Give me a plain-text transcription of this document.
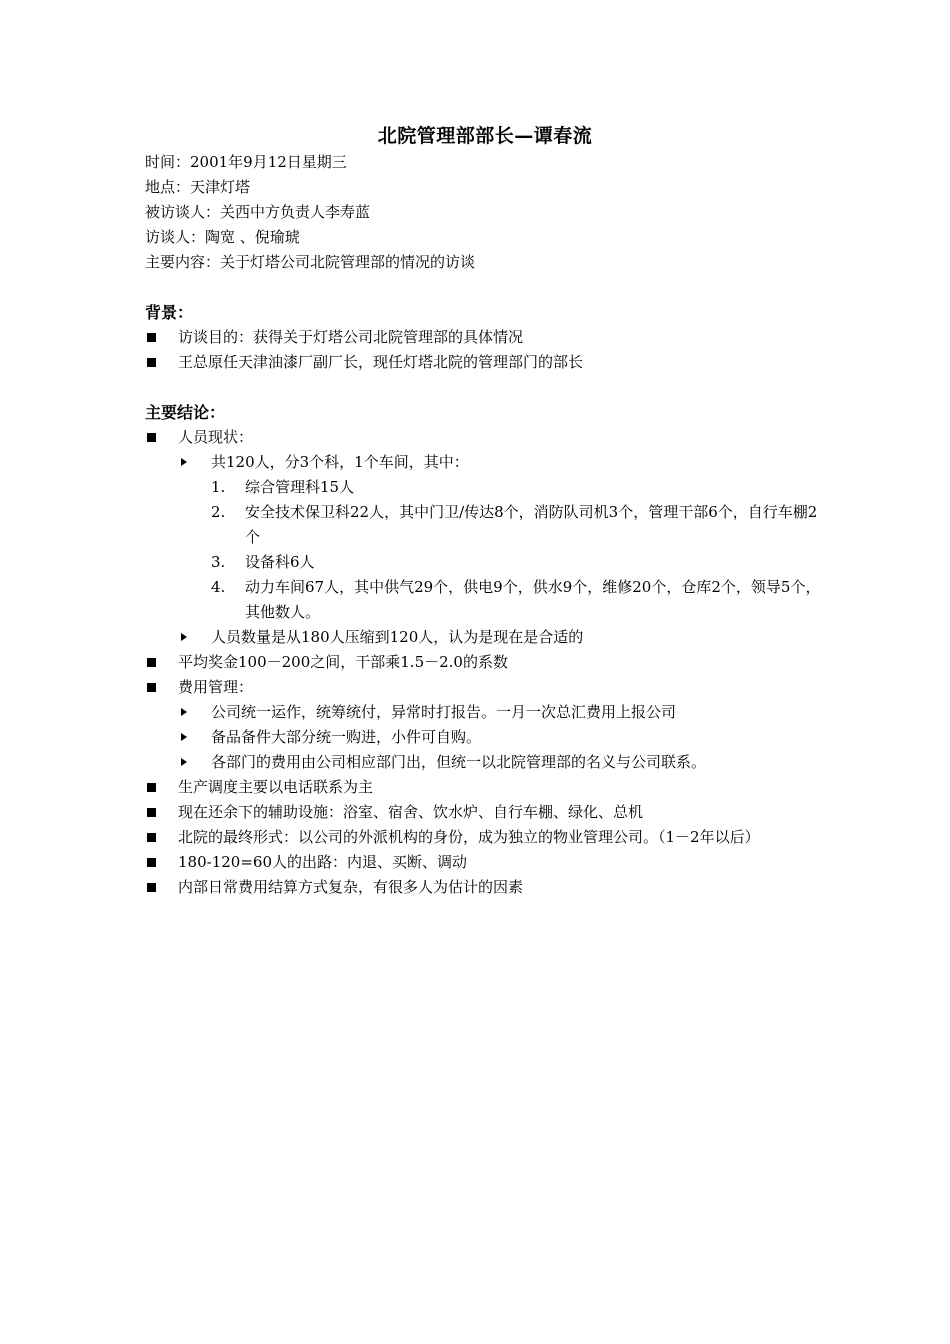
北院管理部部长—谭春流

时间：2001年9月12日星期三

地点：天津灯塔

被访谈人：关西中方负责人李寿蓝

访谈人：陶宽 、倪瑜琥

主要内容：关于灯塔公司北院管理部的情况的访谈

背景：

访谈目的：获得关于灯塔公司北院管理部的具体情况
王总原任天津油漆厂副厂长，现任灯塔北院的管理部门的部长

主要结论：

人员现状：
共120人，分3个科，1个车间，其中：
1. 综合管理科15人
2. 安全技术保卫科22人，其中门卫/传达8个，消防队司机3个，管理干部6个，自行车棚2个
3. 设备科6人
4. 动力车间67人，其中供气29个，供电9个，供水9个，维修20个，仓库2个，领导5个，其他数人。
人员数量是从180人压缩到120人，认为是现在是合适的
平均奖金100－200之间，干部乘1.5－2.0的系数
费用管理：
公司统一运作，统筹统付，异常时打报告。一月一次总汇费用上报公司
备品备件大部分统一购进，小件可自购。
各部门的费用由公司相应部门出，但统一以北院管理部的名义与公司联系。
生产调度主要以电话联系为主
现在还余下的辅助设施：浴室、宿舍、饮水炉、自行车棚、绿化、总机
北院的最终形式：以公司的外派机构的身份，成为独立的物业管理公司。（1－2年以后）
180-120=60人的出路：内退、买断、调动
内部日常费用结算方式复杂，有很多人为估计的因素
